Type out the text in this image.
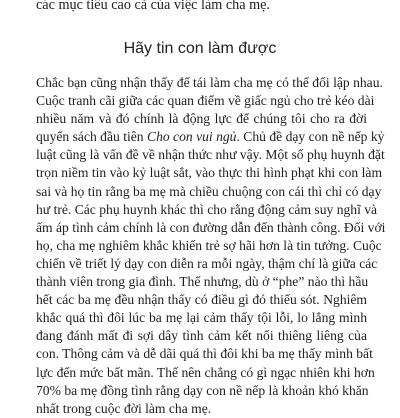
các mục tiêu cao cả của việc làm cha mẹ.
Hãy tin con làm được
Chắc bạn cũng nhận thấy để tái làm cha mẹ có thể đối lập nhau.
Cuộc tranh cãi giữa các quan điểm về giấc ngủ cho trẻ kéo dài
nhiều năm và đó chính là động lực để chúng tôi cho ra đời
quyển sách đầu tiên Cho con vui ngủ. Chủ đề dạy con nề nếp kỷ
luật cũng là vấn đề về nhận thức như vậy. Một số phụ huynh đặt
trọn niềm tin vào kỷ luật sắt, vào thực thi hình phạt khi con làm
sai và họ tin rằng ba mẹ mà chiều chuộng con cái thì chỉ có dạy
hư trẻ. Các phụ huynh khác thì cho rằng động cảm suy nghĩ và
ấm áp tình cảm chính là con đường dẫn đến thành công. Đối với
họ, cha mẹ nghiêm khắc khiến trẻ sợ hãi hơn là tin tưởng. Cuộc
chiến về triết lý dạy con diễn ra mỗi ngày, thậm chí là giữa các
thành viên trong gia đình. Thế nhưng, dù ở “phe” nào thì hầu
hết các ba mẹ đều nhận thấy có điều gì đó thiếu sót. Nghiêm
khắc quá thì đôi lúc ba mẹ lại cảm thấy tội lỗi, lo lắng mình
đang đánh mất đi sợi dây tình cảm kết nối thiêng liêng của
con. Thông cảm và dễ dãi quá thì đôi khi ba mẹ thấy mình bất
lực đến mức bất mãn. Thế nên chẳng có gì ngạc nhiên khi hơn
70% ba mẹ đồng tình rằng dạy con nề nếp là khoản khó khăn
nhất trong cuộc đời làm cha mẹ.
